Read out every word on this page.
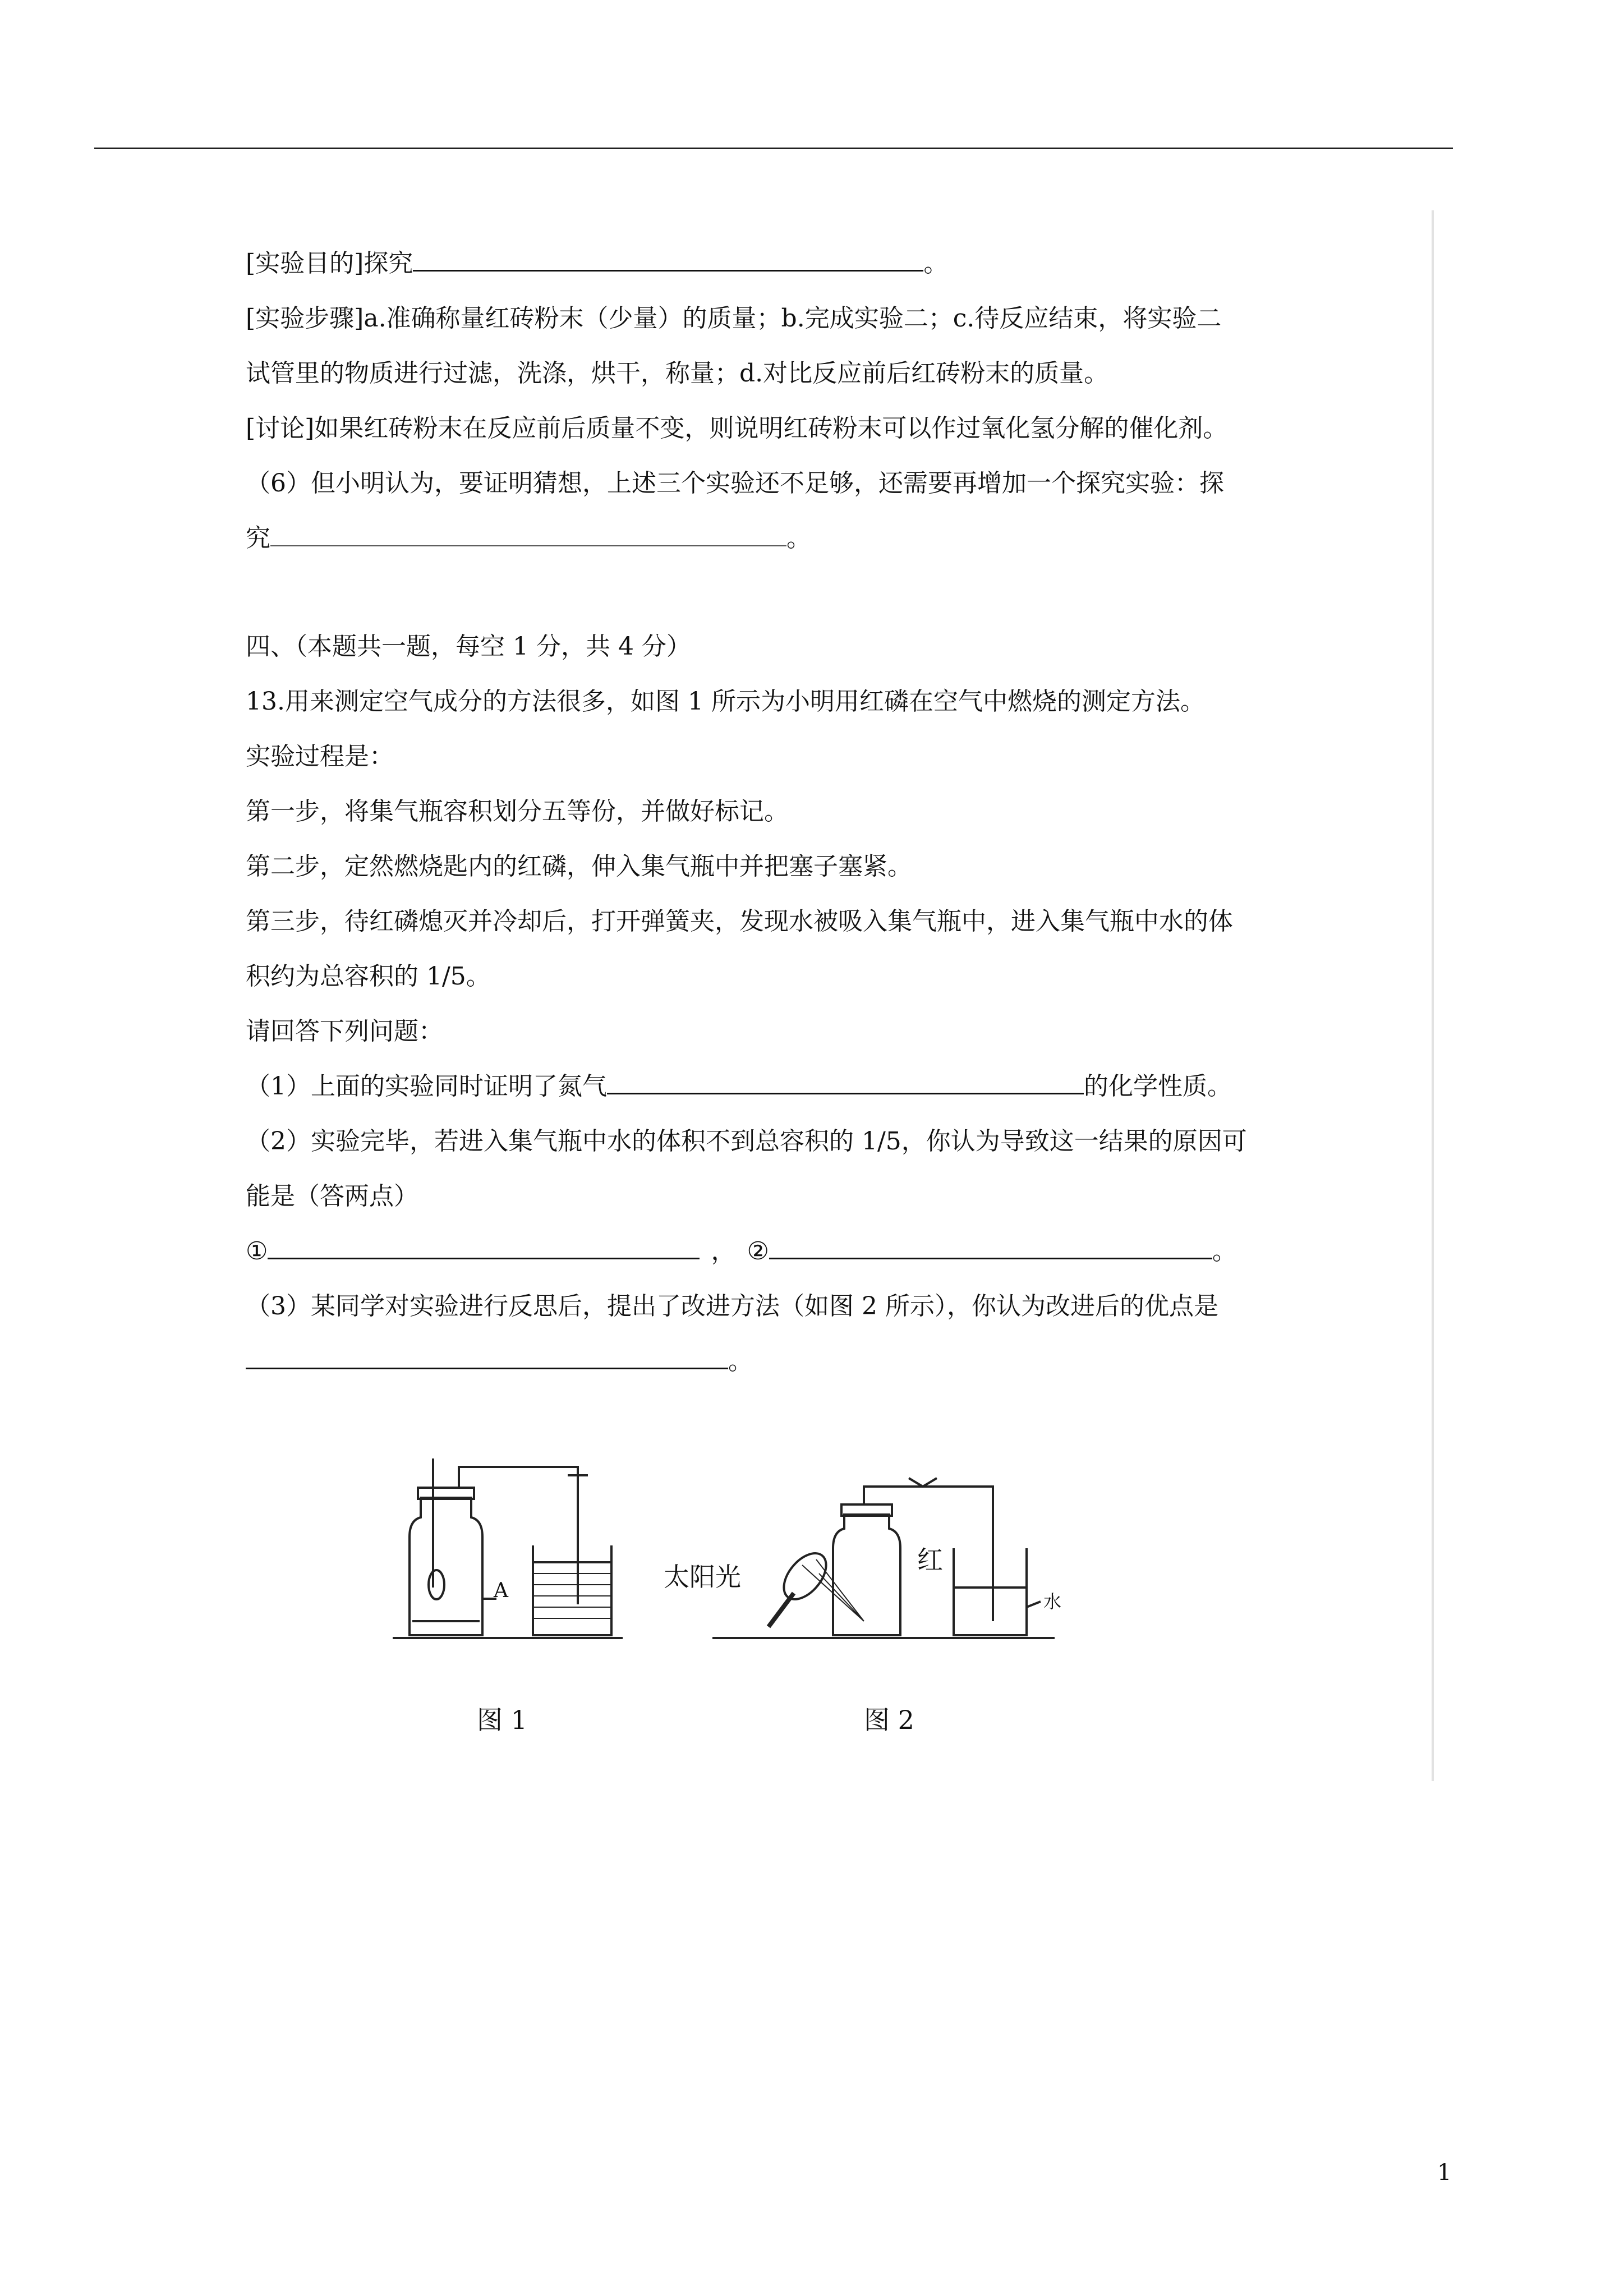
[实验目的]探究	。
[实验步骤]a.准确称量红砖粉末（少量）的质量；b.完成实验二；c.待反应结束，将实验二
试管里的物质进行过滤，洗涤，烘干，称量；d.对比反应前后红砖粉末的质量。
[讨论]如果红砖粉末在反应前后质量不变，则说明红砖粉末可以作过氧化氢分解的催化剂。
（6）但小明认为，要证明猜想，上述三个实验还不足够，还需要再增加一个探究实验：探
究	。
四、（本题共一题，每空 1 分，共 4 分）
13.用来测定空气成分的方法很多，如图 1 所示为小明用红磷在空气中燃烧的测定方法。
实验过程是：
第一步，将集气瓶容积划分五等份，并做好标记。
第二步，定然燃烧匙内的红磷，伸入集气瓶中并把塞子塞紧。
第三步，待红磷熄灭并冷却后，打开弹簧夹，发现水被吸入集气瓶中，进入集气瓶中水的体
积约为总容积的 1/5。
请回答下列问题：
（1）上面的实验同时证明了氮气	的化学性质。
（2）实验完毕，若进入集气瓶中水的体积不到总容积的 1/5，你认为导致这一结果的原因可
能是（答两点）
①	， ②	。
（3）某同学对实验进行反思后，提出了改进方法（如图 2 所示），你认为改进后的优点是
。
A
图 1
太阳光
红
水
图 2
1
